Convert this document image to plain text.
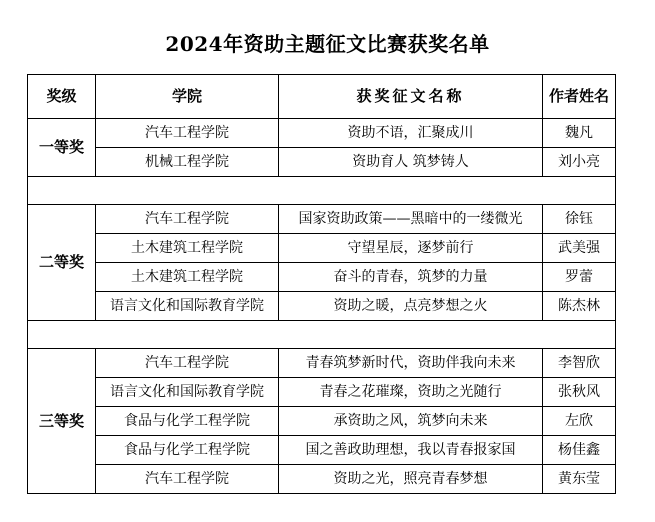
2024年资助主题征文比赛获奖名单
奖级	学院	获奖征文名称	作者姓名
一等奖	汽车工程学院	资助不语，汇聚成川	魏凡
	机械工程学院	资助育人 筑梦铸人	刘小亮

二等奖	汽车工程学院	国家资助政策——黑暗中的一缕微光	徐钰
	土木建筑工程学院	守望星辰，逐梦前行	武美强
	土木建筑工程学院	奋斗的青春，筑梦的力量	罗蕾
	语言文化和国际教育学院	资助之暖，点亮梦想之火	陈杰林

三等奖	汽车工程学院	青春筑梦新时代，资助伴我向未来	李智欣
	语言文化和国际教育学院	青春之花璀璨，资助之光随行	张秋风
	食品与化学工程学院	承资助之风，筑梦向未来	左欣
	食品与化学工程学院	国之善政助理想，我以青春报家国	杨佳鑫
	汽车工程学院	资助之光，照亮青春梦想	黄东莹
